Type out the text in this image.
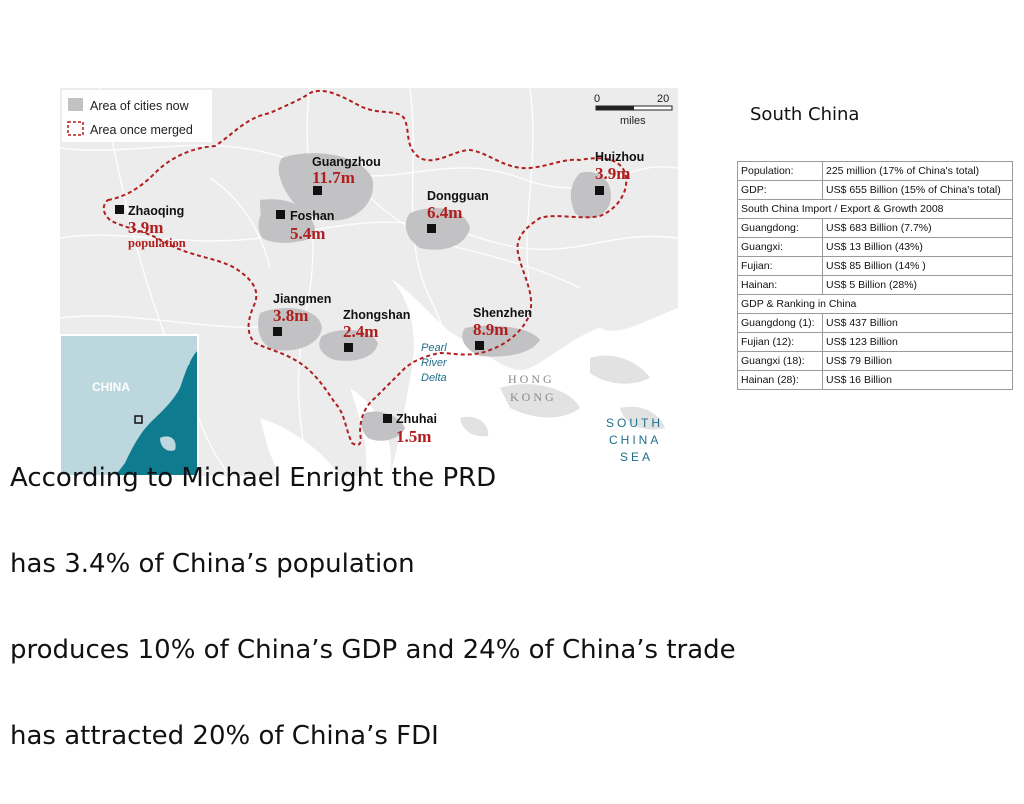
Area of cities now
Area once merged
0	20
miles
Guangzhou
11.7m
Foshan
5.4m
Dongguan
6.4m
Huizhou
3.9m
Zhaoqing
3.9m
population
Jiangmen
3.8m	Zhongshan
2.4m
Shenzhen
8.9m
Zhuhai
1.5m
Pearl
River
Delta	HONG
KONG
SOUTH
CHINA
SEA
CHINA
South China
Population:	225 million (17% of China's total)
GDP:	US$ 655 Billion (15% of China's total)
South China Import / Export & Growth 2008	
Guangdong:	US$ 683 Billion (7.7%)
Guangxi:	US$ 13 Billion (43%)
Fujian:	US$ 85 Billion (14% )
Hainan:	US$ 5 Billion (28%)
GDP & Ranking in China	
Guangdong (1):	US$ 437 Billion
Fujian (12):	US$ 123 Billion
Guangxi (18):	US$ 79 Billion
Hainan (28):	US$ 16 Billion

According to Michael Enright the PRD

has 3.4% of China’s population

produces 10% of China’s GDP and 24% of China’s trade

has attracted 20% of China’s FDI
